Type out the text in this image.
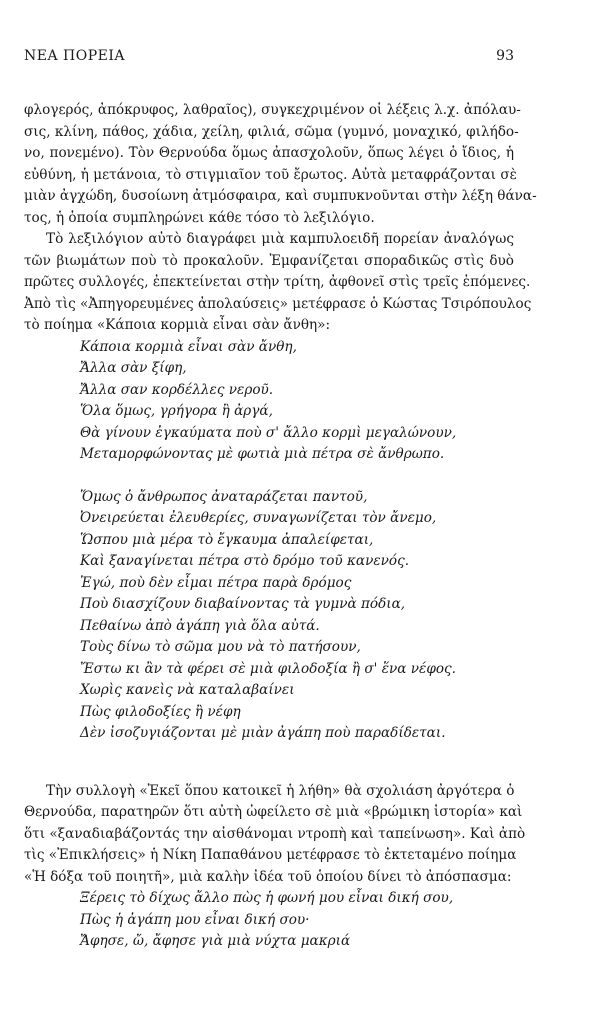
ΝΕΑ ΠΟΡΕΙΑ	93
φλογερός, ἀπόκρυφος, λαθραῖος), συγκεχριμένον οἱ λέξεις λ.χ. ἀπόλαυ-
σις, κλίνη, πάθος, χάδια, χείλη, φιλιά, σῶμα (γυμνό, μοναχικό, φιλήδο-
νο, πονεμένο). Τὸν Θερνούδα ὅμως ἀπασχολοῦν, ὅπως λέγει ὁ ἴδιος, ἡ
εὐθύνη, ἡ μετάνοια, τὸ στιγμιαῖον τοῦ ἔρωτος. Αὐτὰ μεταφράζονται σὲ
μιὰν ἀγχώδη, δυσοίωνη ἀτμόσφαιρα, καὶ συμπυκνοῦνται στὴν λέξη θάνα-
τος, ἡ ὁποία συμπληρώνει κάθε τόσο τὸ λεξιλόγιο.
Τὸ λεξιλόγιον αὐτὸ διαγράφει μιὰ καμπυλοειδῆ πορείαν ἀναλόγως
τῶν βιωμάτων ποὺ τὸ προκαλοῦν. Ἐμφανίζεται σποραδικῶς στὶς δυὸ
πρῶτες συλλογές, ἐπεκτείνεται στὴν τρίτη, ἀφθονεῖ στὶς τρεῖς ἑπόμενες.
Ἀπὸ τὶς «Ἀπηγορευμένες ἀπολαύσεις» μετέφρασε ὁ Κώστας Τσιρόπουλος
τὸ ποίημα «Κάποια κορμιὰ εἶναι σὰν ἄνθη»:
Κάποια κορμιὰ εἶναι σὰν ἄνθη,
Ἄλλα σὰν ξίφη,
Ἄλλα σαν κορδέλλες νεροῦ.
Ὅλα ὅμως, γρήγορα ἢ ἀργά,
Θὰ γίνουν ἐγκαύματα ποὺ σ' ἄλλο κορμὶ μεγαλώνουν,
Μεταμορφώνοντας μὲ φωτιὰ μιὰ πέτρα σὲ ἄνθρωπο.
Ὅμως ὁ ἄνθρωπος ἀναταράζεται παντοῦ,
Ὀνειρεύεται ἐλευθερίες, συναγωνίζεται τὸν ἄνεμο,
Ὥσπου μιὰ μέρα τὸ ἔγκαυμα ἀπαλείφεται,
Καὶ ξαναγίνεται πέτρα στὸ δρόμο τοῦ κανενός.
Ἐγώ, ποὺ δὲν εἶμαι πέτρα παρὰ δρόμος
Ποὺ διασχίζουν διαβαίνοντας τὰ γυμνὰ πόδια,
Πεθαίνω ἀπὸ ἀγάπη γιὰ ὅλα αὐτά.
Τοὺς δίνω τὸ σῶμα μου νὰ τὸ πατήσουν,
Ἔστω κι ἂν τὰ φέρει σὲ μιὰ φιλοδοξία ἢ σ' ἕνα νέφος.
Χωρὶς κανεὶς νὰ καταλαβαίνει
Πὼς φιλοδοξίες ἢ νέφη
Δὲν ἰσοζυγιάζονται μὲ μιὰν ἀγάπη ποὺ παραδίδεται.
Τὴν συλλογὴ «Ἐκεῖ ὅπου κατοικεῖ ἡ λήθη» θὰ σχολιάση ἀργότερα ὁ
Θερνούδα, παρατηρῶν ὅτι αὐτὴ ὠφείλετο σὲ μιὰ «βρώμικη ἱστορία» καὶ
ὅτι «ξαναδιαβάζοντάς την αἰσθάνομαι ντροπὴ καὶ ταπείνωση». Καὶ ἀπὸ
τὶς «Ἐπικλήσεις» ἡ Νίκη Παπαθάνου μετέφρασε τὸ ἐκτεταμένο ποίημα
«Ἡ δόξα τοῦ ποιητῆ», μιὰ καλὴν ἰδέα τοῦ ὁποίου δίνει τὸ ἀπόσπασμα:
Ξέρεις τὸ δίχως ἄλλο πὼς ἡ φωνή μου εἶναι δική σου,
Πὼς ἡ ἀγάπη μου εἶναι δική σου·
Ἄφησε, ὤ, ἄφησε γιὰ μιὰ νύχτα μακριά
